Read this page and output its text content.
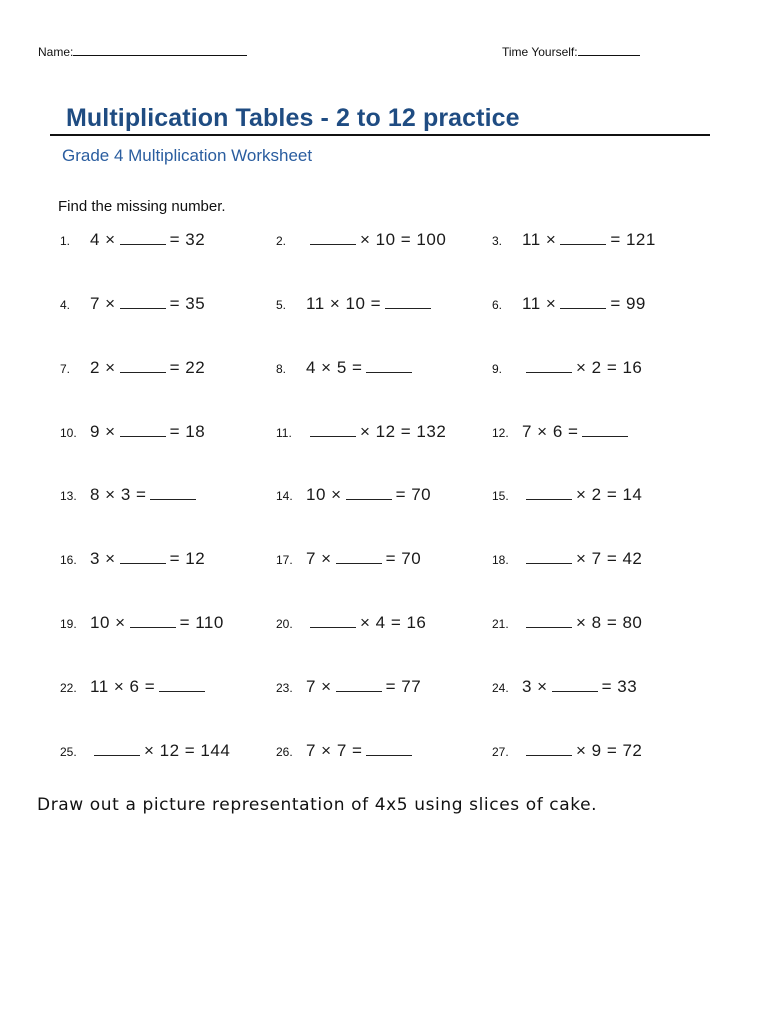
Name:	Time Yourself:
Multiplication Tables - 2 to 12 practice
Grade 4 Multiplication Worksheet
Find the missing number.
1.	4 ×	= 32	2.	× 10 = 100	3.	11 ×	= 121
4.	7 ×	= 35	5.	11 × 10 =	6.	11 ×	= 99
7.	2 ×	= 22	8.	4 × 5 =	9.	× 2 = 16
10. 9 ×	= 18	11.	× 12 = 132	12. 7 × 6 =
13. 8 × 3 =	14. 10 ×	= 70	15.	× 2 = 14
16. 3 ×	= 12	17. 7 ×	= 70	18.	× 7 = 42
19. 10 ×	= 110	20.	× 4 = 16	21.	× 8 = 80
22. 11 × 6 =	23. 7 ×	= 77	24. 3 ×	= 33
25.	× 12 = 144	26. 7 × 7 =	27.	× 9 = 72
Draw out a picture representation of 4x5 using slices of cake.
